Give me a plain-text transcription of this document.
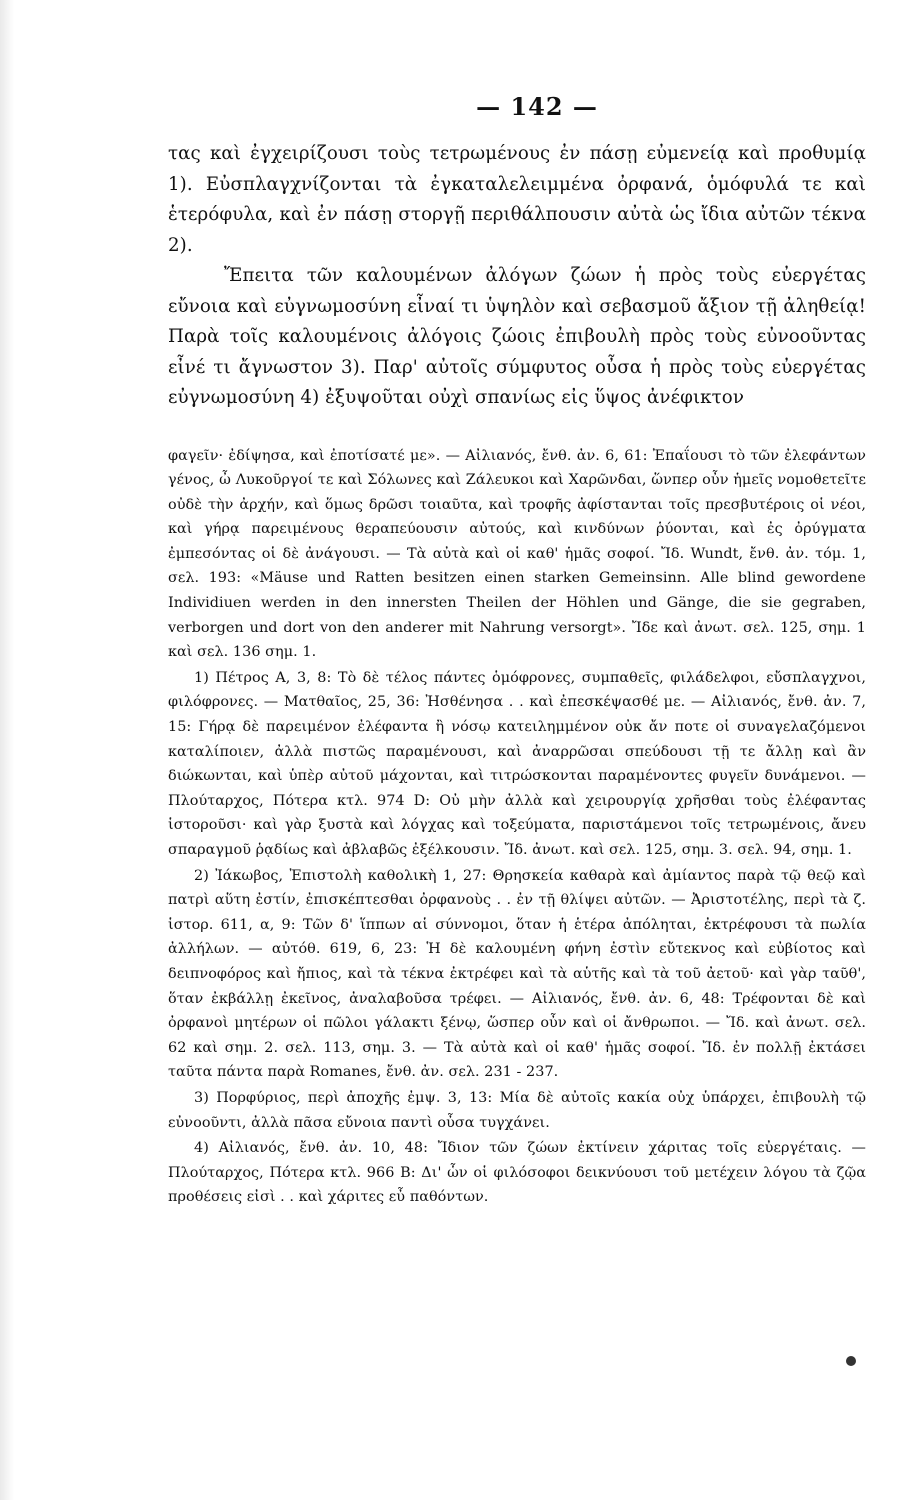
— 142 —

τας καὶ ἐγχειρίζουσι τοὺς τετρωμένους ἐν πάσῃ εὐμενείᾳ καὶ προθυμίᾳ 1). Εὐσπλαγχνίζονται τὰ ἐγκαταλελειμμένα ὀρφανά, ὁμόφυλά τε καὶ ἑτερόφυλα, καὶ ἐν πάσῃ στοργῇ περιθάλπουσιν αὐτὰ ὡς ἴδια αὐτῶν τέκνα 2).

Ἔπειτα τῶν καλουμένων ἀλόγων ζώων ἡ πρὸς τοὺς εὐεργέτας εὔνοια καὶ εὐγνωμοσύνη εἶναί τι ὑψηλὸν καὶ σεβασμοῦ ἄξιον τῇ ἀληθείᾳ! Παρὰ τοῖς καλουμένοις ἀλόγοις ζώοις ἐπιβουλὴ πρὸς τοὺς εὐνοοῦντας εἶνέ τι ἄγνωστον 3). Παρ' αὐτοῖς σύμφυτος οὖσα ἡ πρὸς τοὺς εὐεργέτας εὐγνωμοσύνη 4) ἐξυψοῦται οὐχὶ σπανίως εἰς ὕψος ἀνέφικτον

φαγεῖν· ἐδίψησα, καὶ ἐποτίσατέ με». — Αἰλιανός, ἔνθ. ἀν. 6, 61: Ἐπαΐουσι τὸ τῶν ἐλεφάντων γένος, ὦ Λυκοῦργοί τε καὶ Σόλωνες καὶ Ζάλευκοι καὶ Χαρῶνδαι, ὥνπερ οὖν ἡμεῖς νομοθετεῖτε οὐδὲ τὴν ἀρχήν, καὶ ὅμως δρῶσι τοιαῦτα, καὶ τροφῆς ἀφίστανται τοῖς πρεσβυτέροις οἱ νέοι, καὶ γήρᾳ παρειμένους θεραπεύουσιν αὐτούς, καὶ κινδύνων ῥύονται, καὶ ἐς ὀρύγματα ἐμπεσόντας οἱ δὲ ἀνάγουσι. — Τὰ αὐτὰ καὶ οἱ καθ' ἡμᾶς σοφοί. Ἴδ. Wundt, ἔνθ. ἀν. τόμ. 1, σελ. 193: «Mäuse und Ratten besitzen einen starken Gemeinsinn. Alle blind gewordene Individiuen werden in den innersten Theilen der Höhlen und Gänge, die sie gegraben, verborgen und dort von den anderer mit Nahrung versorgt». Ἴδε καὶ ἀνωτ. σελ. 125, σημ. 1 καὶ σελ. 136 σημ. 1.

1) Πέτρος Α, 3, 8: Τὸ δὲ τέλος πάντες ὁμόφρονες, συμπαθεῖς, φιλάδελφοι, εὔσπλαγχνοι, φιλόφρονες. — Ματθαῖος, 25, 36: Ἠσθένησα . . καὶ ἐπεσκέψασθέ με. — Αἰλιανός, ἔνθ. ἀν. 7, 15: Γήρᾳ δὲ παρειμένον ἐλέφαντα ἢ νόσῳ κατειλημμένον οὐκ ἄν ποτε οἱ συναγελαζόμενοι καταλίποιεν, ἀλλὰ πιστῶς παραμένουσι, καὶ ἀναρρῶσαι σπεύδουσι τῇ τε ἄλλῃ καὶ ἂν διώκωνται, καὶ ὑπὲρ αὐτοῦ μάχονται, καὶ τιτρώσκονται παραμένοντες φυγεῖν δυνάμενοι. — Πλούταρχος, Πότερα κτλ. 974 D: Οὐ μὴν ἀλλὰ καὶ χειρουργίᾳ χρῆσθαι τοὺς ἐλέφαντας ἱστοροῦσι· καὶ γὰρ ξυστὰ καὶ λόγχας καὶ τοξεύματα, παριστάμενοι τοῖς τετρωμένοις, ἄνευ σπαραγμοῦ ῥᾳδίως καὶ ἀβλαβῶς ἐξέλκουσιν. Ἴδ. ἀνωτ. καὶ σελ. 125, σημ. 3. σελ. 94, σημ. 1.

2) Ἰάκωβος, Ἐπιστολὴ καθολικὴ 1, 27: Θρησκεία καθαρὰ καὶ ἀμίαντος παρὰ τῷ θεῷ καὶ πατρὶ αὕτη ἐστίν, ἐπισκέπτεσθαι ὀρφανοὺς . . ἐν τῇ θλίψει αὐτῶν. — Ἀριστοτέλης, περὶ τὰ ζ. ἱστορ. 611, α, 9: Τῶν δ' ἵππων αἱ σύννομοι, ὅταν ἡ ἑτέρα ἀπόληται, ἐκτρέφουσι τὰ πωλία ἀλλήλων. — αὐτόθ. 619, 6, 23: Ἡ δὲ καλουμένη φήνη ἐστὶν εὔτεκνος καὶ εὐβίοτος καὶ δειπνοφόρος καὶ ἤπιος, καὶ τὰ τέκνα ἐκτρέφει καὶ τὰ αὑτῆς καὶ τὰ τοῦ ἀετοῦ· καὶ γὰρ ταῦθ', ὅταν ἐκβάλλῃ ἐκεῖνος, ἀναλαβοῦσα τρέφει. — Αἰλιανός, ἔνθ. ἀν. 6, 48: Τρέφονται δὲ καὶ ὀρφανοὶ μητέρων οἱ πῶλοι γάλακτι ξένῳ, ὥσπερ οὖν καὶ οἱ ἄνθρωποι. — Ἴδ. καὶ ἀνωτ. σελ. 62 καὶ σημ. 2. σελ. 113, σημ. 3. — Τὰ αὐτὰ καὶ οἱ καθ' ἡμᾶς σοφοί. Ἴδ. ἐν πολλῇ ἐκτάσει ταῦτα πάντα παρὰ Romanes, ἔνθ. ἀν. σελ. 231 - 237.

3) Πορφύριος, περὶ ἀποχῆς ἐμψ. 3, 13: Μία δὲ αὐτοῖς κακία οὐχ ὑπάρχει, ἐπιβουλὴ τῷ εὐνοοῦντι, ἀλλὰ πᾶσα εὔνοια παντὶ οὖσα τυγχάνει.

4) Αἰλιανός, ἔνθ. ἀν. 10, 48: Ἴδιον τῶν ζώων ἐκτίνειν χάριτας τοῖς εὐεργέταις. — Πλούταρχος, Πότερα κτλ. 966 B: Δι' ὧν οἱ φιλόσοφοι δεικνύουσι τοῦ μετέχειν λόγου τὰ ζῷα προθέσεις εἰσὶ . . καὶ χάριτες εὖ παθόντων.
